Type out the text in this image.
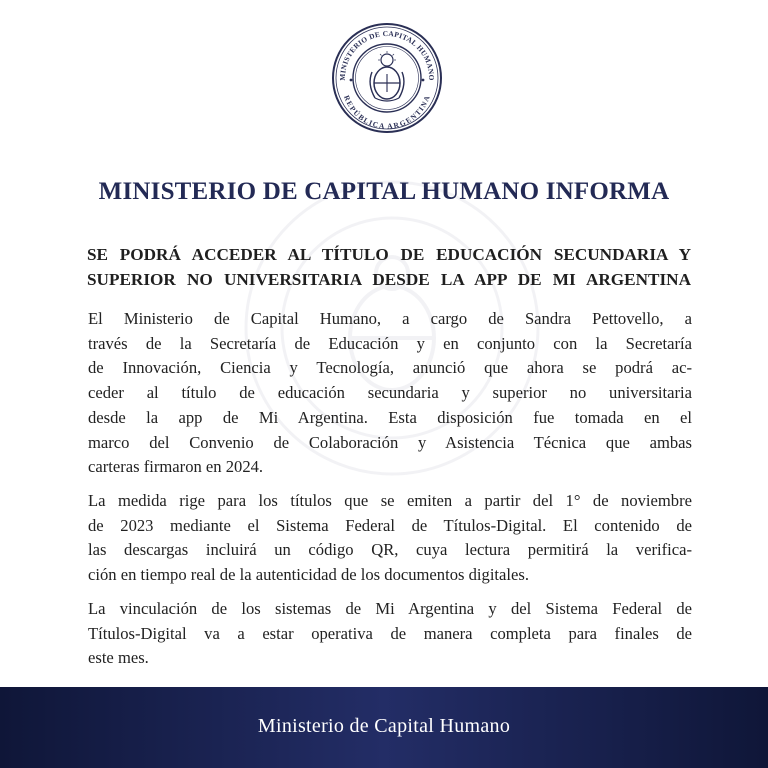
MINISTERIO DE CAPITAL HUMANO
REPÚBLICA ARGENTINA
MINISTERIO DE CAPITAL HUMANO INFORMA
SE PODRÁ ACCEDER AL TÍTULO DE EDUCACIÓN SECUNDARIA Y
SUPERIOR NO UNIVERSITARIA DESDE LA APP DE MI ARGENTINA
El Ministerio de Capital Humano, a cargo de Sandra Pettovello, a
través de la Secretaría de Educación y en conjunto con la Secretaría
de Innovación, Ciencia y Tecnología, anunció que ahora se podrá ac-
ceder al título de educación secundaria y superior no universitaria
desde la app de Mi Argentina. Esta disposición fue tomada en el
marco del Convenio de Colaboración y Asistencia Técnica que ambas
carteras firmaron en 2024.
La medida rige para los títulos que se emiten a partir del 1° de noviembre
de 2023 mediante el Sistema Federal de Títulos-Digital. El contenido de
las descargas incluirá un código QR, cuya lectura permitirá la verifica-
ción en tiempo real de la autenticidad de los documentos digitales.
La vinculación de los sistemas de Mi Argentina y del Sistema Federal de
Títulos-Digital va a estar operativa de manera completa para finales de
este mes.
Ministerio de Capital Humano
